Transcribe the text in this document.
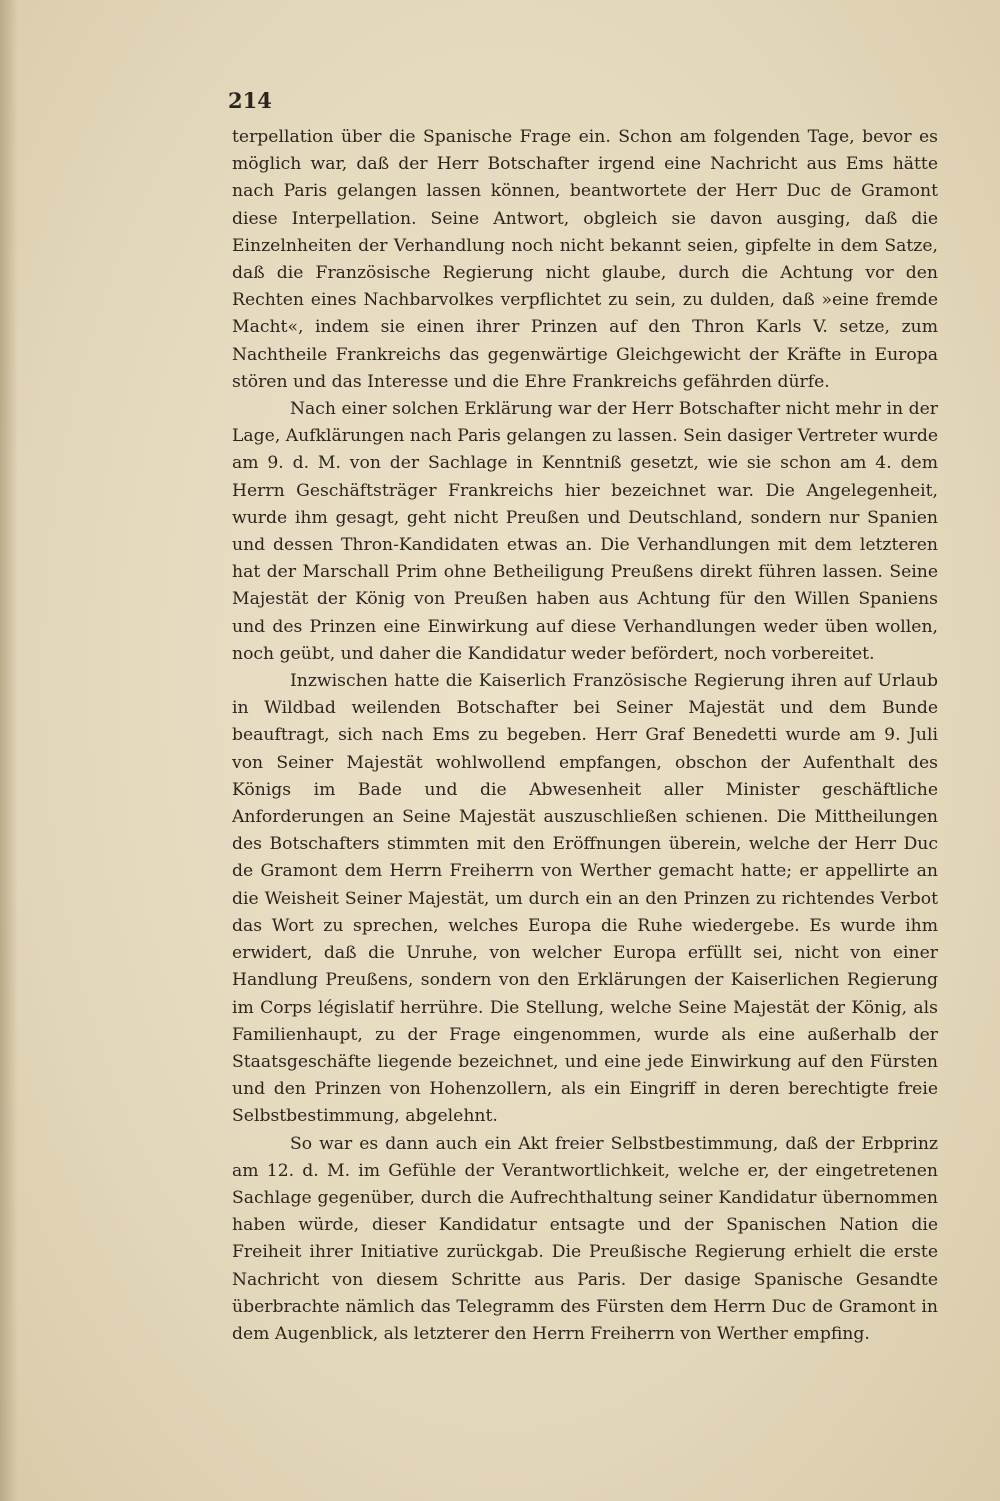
214

terpellation über die Spanische Frage ein. Schon am folgenden Tage, bevor es möglich war, daß der Herr Botschafter irgend eine Nachricht aus Ems hätte nach Paris gelangen lassen können, beantwortete der Herr Duc de Gramont diese Interpellation. Seine Antwort, obgleich sie davon ausging, daß die Einzelnheiten der Verhandlung noch nicht bekannt seien, gipfelte in dem Satze, daß die Französische Regierung nicht glaube, durch die Achtung vor den Rechten eines Nachbarvolkes verpflichtet zu sein, zu dulden, daß »eine fremde Macht«, indem sie einen ihrer Prinzen auf den Thron Karls V. setze, zum Nachtheile Frankreichs das gegenwärtige Gleichgewicht der Kräfte in Europa stören und das Interesse und die Ehre Frankreichs gefährden dürfe.

Nach einer solchen Erklärung war der Herr Botschafter nicht mehr in der Lage, Aufklärungen nach Paris gelangen zu lassen. Sein dasiger Vertreter wurde am 9. d. M. von der Sachlage in Kenntniß gesetzt, wie sie schon am 4. dem Herrn Geschäftsträger Frankreichs hier bezeichnet war. Die Angelegenheit, wurde ihm gesagt, geht nicht Preußen und Deutschland, sondern nur Spanien und dessen Thron-Kandidaten etwas an. Die Verhandlungen mit dem letzteren hat der Marschall Prim ohne Betheiligung Preußens direkt führen lassen. Seine Majestät der König von Preußen haben aus Achtung für den Willen Spaniens und des Prinzen eine Einwirkung auf diese Verhandlungen weder üben wollen, noch geübt, und daher die Kandidatur weder befördert, noch vorbereitet.

Inzwischen hatte die Kaiserlich Französische Regierung ihren auf Urlaub in Wildbad weilenden Botschafter bei Seiner Majestät und dem Bunde beauftragt, sich nach Ems zu begeben. Herr Graf Benedetti wurde am 9. Juli von Seiner Majestät wohlwollend empfangen, obschon der Aufenthalt des Königs im Bade und die Abwesenheit aller Minister geschäftliche Anforderungen an Seine Majestät auszuschließen schienen. Die Mittheilungen des Botschafters stimmten mit den Eröffnungen überein, welche der Herr Duc de Gramont dem Herrn Freiherrn von Werther gemacht hatte; er appellirte an die Weisheit Seiner Majestät, um durch ein an den Prinzen zu richtendes Verbot das Wort zu sprechen, welches Europa die Ruhe wiedergebe. Es wurde ihm erwidert, daß die Unruhe, von welcher Europa erfüllt sei, nicht von einer Handlung Preußens, sondern von den Erklärungen der Kaiserlichen Regierung im Corps législatif herrühre. Die Stellung, welche Seine Majestät der König, als Familienhaupt, zu der Frage eingenommen, wurde als eine außerhalb der Staatsgeschäfte liegende bezeichnet, und eine jede Einwirkung auf den Fürsten und den Prinzen von Hohenzollern, als ein Eingriff in deren berechtigte freie Selbstbestimmung, abgelehnt.

So war es dann auch ein Akt freier Selbstbestimmung, daß der Erbprinz am 12. d. M. im Gefühle der Verantwortlichkeit, welche er, der eingetretenen Sachlage gegenüber, durch die Aufrechthaltung seiner Kandidatur übernommen haben würde, dieser Kandidatur entsagte und der Spanischen Nation die Freiheit ihrer Initiative zurückgab. Die Preußische Regierung erhielt die erste Nachricht von diesem Schritte aus Paris. Der dasige Spanische Gesandte überbrachte nämlich das Telegramm des Fürsten dem Herrn Duc de Gramont in dem Augenblick, als letzterer den Herrn Freiherrn von Werther empfing.
